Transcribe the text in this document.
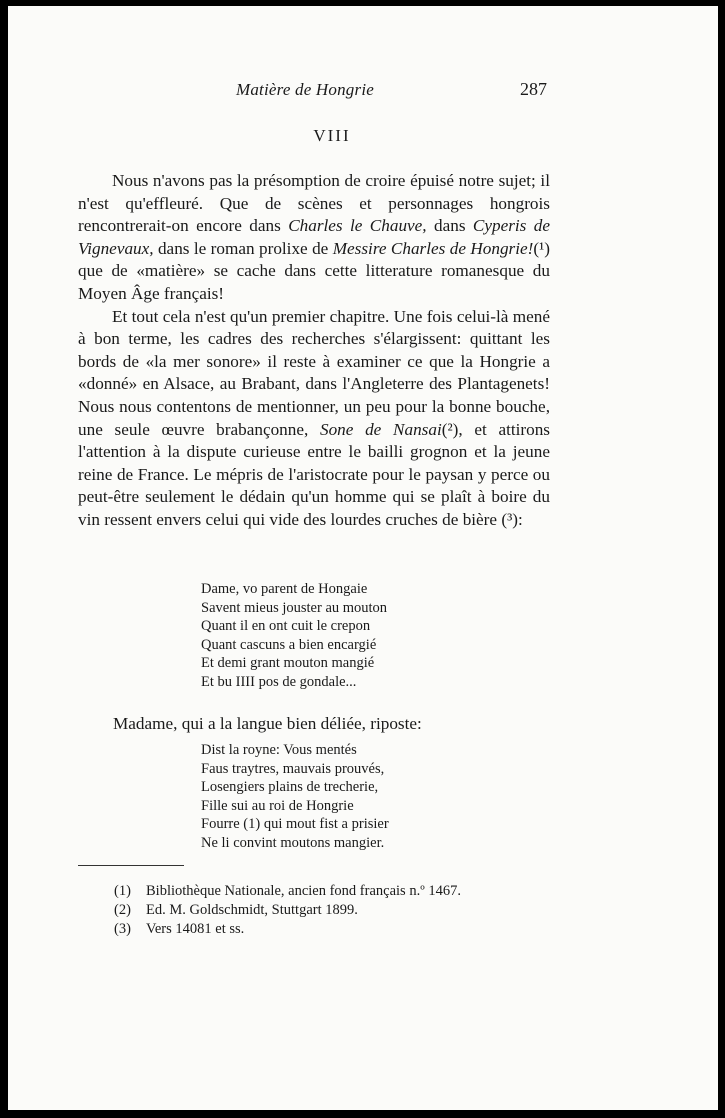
Matière de Hongrie	287
VIII

Nous n'avons pas la présomption de croire épuisé notre sujet; il n'est qu'effleuré. Que de scènes et personnages hongrois rencontrerait-on encore dans Charles le Chauve, dans Cyperis de Vignevaux, dans le roman prolixe de Messire Charles de Hongrie!(¹) que de «matière» se cache dans cette litterature romanesque du Moyen Âge français!

Et tout cela n'est qu'un premier chapitre. Une fois celui-là mené à bon terme, les cadres des recherches s'élargissent: quittant les bords de «la mer sonore» il reste à examiner ce que la Hongrie a «donné» en Alsace, au Brabant, dans l'Angleterre des Plantagenets! Nous nous contentons de mentionner, un peu pour la bonne bouche, une seule œuvre brabançonne, Sone de Nansai(²), et attirons l'attention à la dispute curieuse entre le bailli grognon et la jeune reine de France. Le mépris de l'aristocrate pour le paysan y perce ou peut-être seulement le dédain qu'un homme qui se plaît à boire du vin ressent envers celui qui vide des lourdes cruches de bière (³):

Dame, vo parent de Hongaie
Savent mieus jouster au mouton
Quant il en ont cuit le crepon
Quant cascuns a bien encargié
Et demi grant mouton mangié
Et bu IIII pos de gondale...
Madame, qui a la langue bien déliée, riposte:
Dist la royne: Vous mentés
Faus traytres, mauvais prouvés,
Losengiers plains de trecherie,
Fille sui au roi de Hongrie
Fourre (1) qui mout fist a prisier
Ne li convint moutons mangier.
(1) Bibliothèque Nationale, ancien fond français n.º 1467.
(2) Ed. M. Goldschmidt, Stuttgart 1899.
(3) Vers 14081 et ss.
